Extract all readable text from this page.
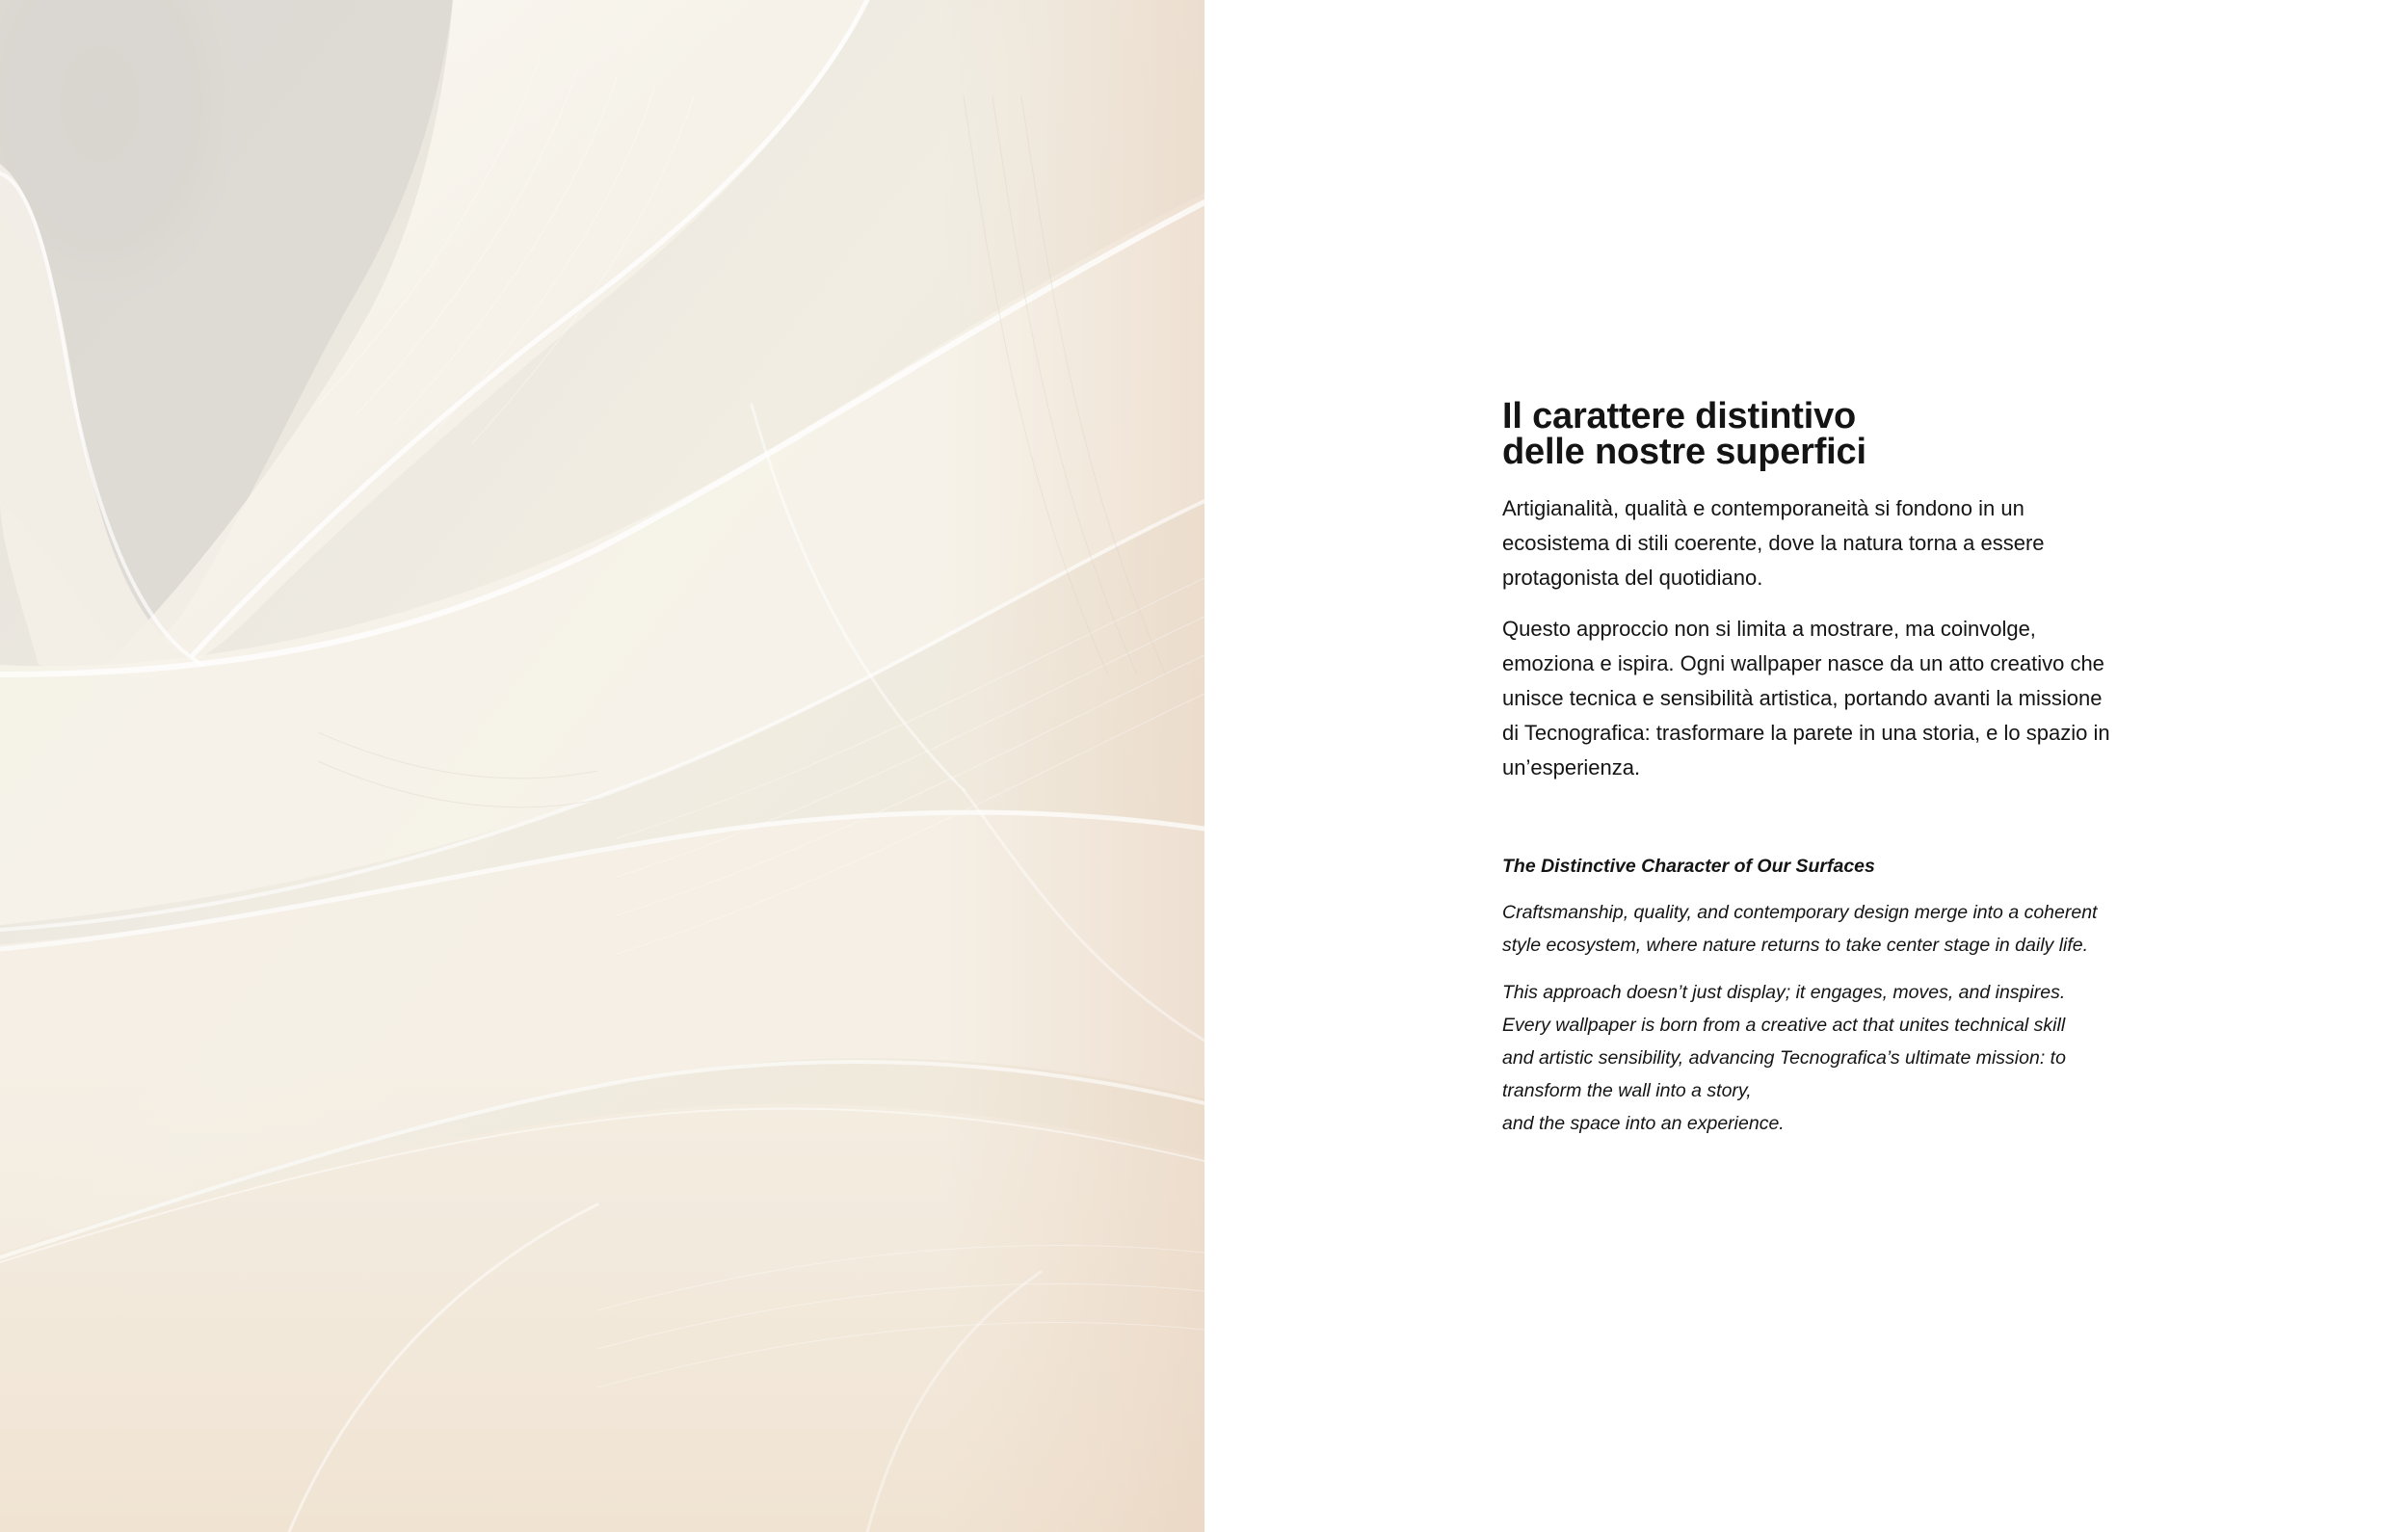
Il carattere distintivo
delle nostre superfici

Artigianalità, qualità e contemporaneità si fondono in un
ecosistema di stili coerente, dove la natura torna a essere
protagonista del quotidiano.

Questo approccio non si limita a mostrare, ma coinvolge,
emoziona e ispira. Ogni wallpaper nasce da un atto creativo che
unisce tecnica e sensibilità artistica, portando avanti la missione
di Tecnografica: trasformare la parete in una storia, e lo spazio in
un’esperienza.

The Distinctive Character of Our Surfaces

Craftsmanship, quality, and contemporary design merge into a coherent
style ecosystem, where nature returns to take center stage in daily life.

This approach doesn’t just display; it engages, moves, and inspires.
Every wallpaper is born from a creative act that unites technical skill
and artistic sensibility, advancing Tecnografica’s ultimate mission: to
transform the wall into a story,
and the space into an experience.
